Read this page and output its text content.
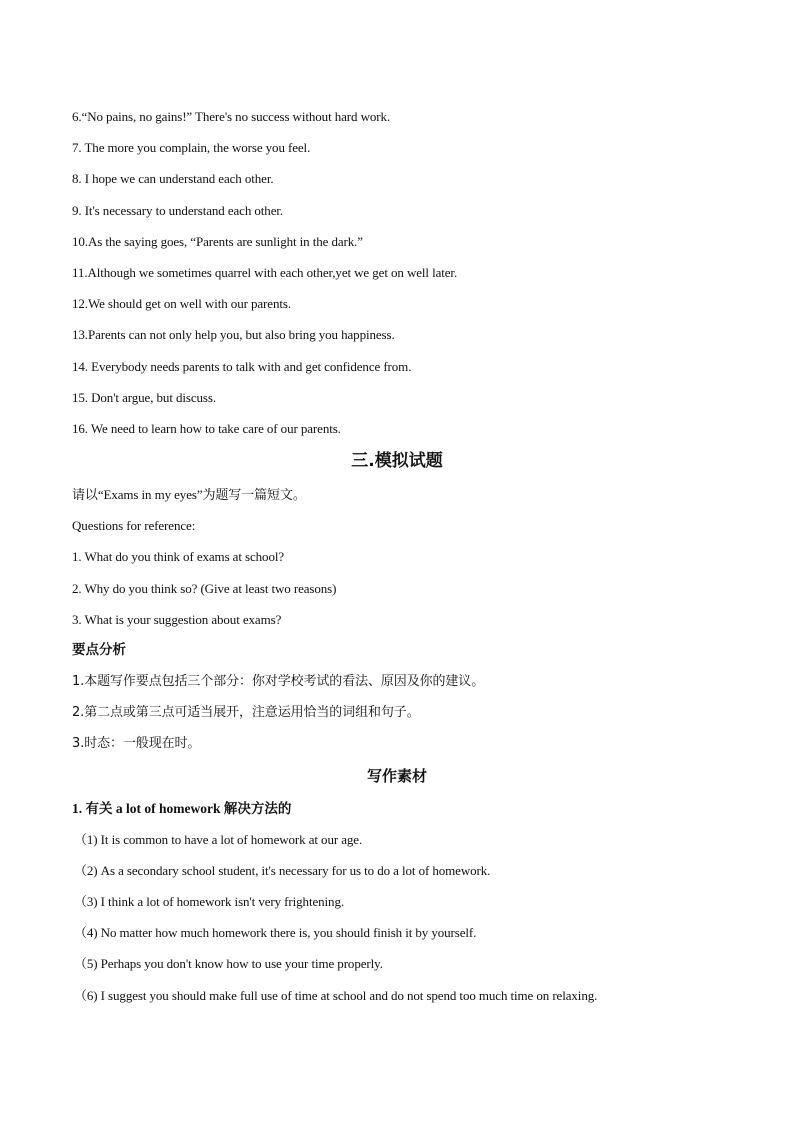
6.“No pains, no gains!” There's no success without hard work.
7. The more you complain, the worse you feel.
8. I hope we can understand each other.
9. It's necessary to understand each other.
10.As the saying goes, “Parents are sunlight in the dark.”
11.Although we sometimes quarrel with each other,yet we get on well later.
12.We should get on well with our parents.
13.Parents can not only help you, but also bring you happiness.
14. Everybody needs parents to talk with and get confidence from.
15. Don't argue, but discuss.
16. We need to learn how to take care of our parents.
三.模拟试题
请以“Exams in my eyes”为题写一篇短文。
Questions for reference:
1. What do you think of exams at school?
2. Why do you think so? (Give at least two reasons)
3. What is your suggestion about exams?
要点分析
1.本题写作要点包括三个部分：你对学校考试的看法、原因及你的建议。
2.第二点或第三点可适当展开，注意运用恰当的词组和句子。
3.时态：一般现在时。
写作素材
1. 有关 a lot of homework 解决方法的
（1) It is common to have a lot of homework at our age.
（2) As a secondary school student, it's necessary for us to do a lot of homework.
（3) I think a lot of homework isn't very frightening.
（4) No matter how much homework there is, you should finish it by yourself.
（5) Perhaps you don't know how to use your time properly.
（6) I suggest you should make full use of time at school and do not spend too much time on relaxing.
